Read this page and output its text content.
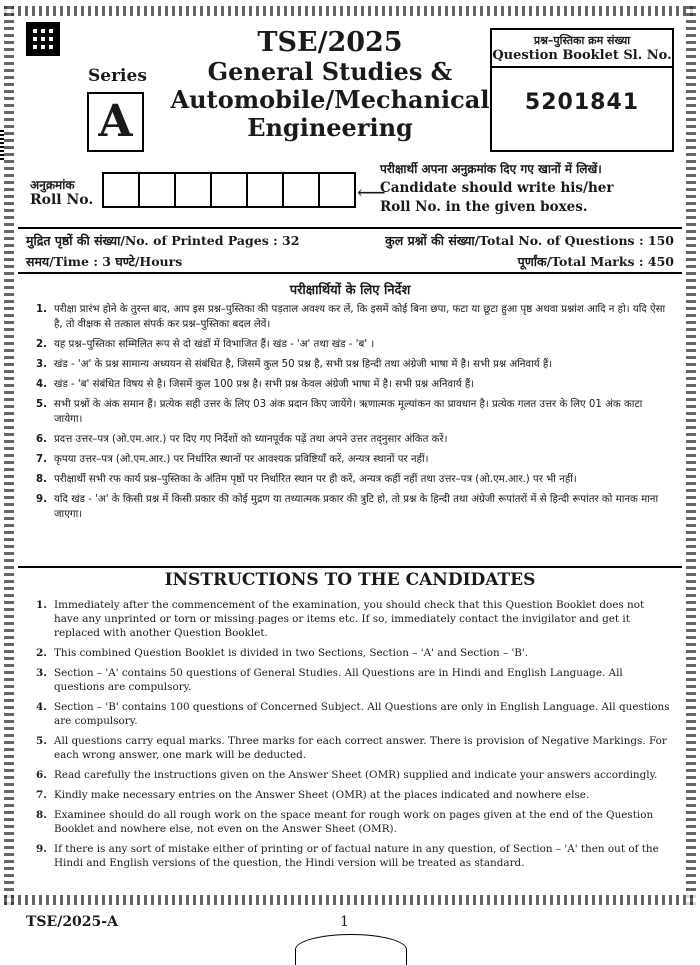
Series
A
TSE/2025
General Studies &
Automobile/Mechanical
Engineering
प्रश्न–पुस्तिका क्रम संख्या
Question Booklet Sl. No.
5201841
अनुक्रमांक
Roll No.	⟵
परीक्षार्थी अपना अनुक्रमांक दिए गए खानों में लिखें।
Candidate should write his/her
Roll No. in the given boxes.
मुद्रित पृष्ठों की संख्या/No. of Printed Pages : 32	कुल प्रश्नों की संख्या/Total No. of Questions : 150
समय/Time : 3 घण्टे/Hours	पूर्णांक/Total Marks : 450
परीक्षार्थियों के लिए निर्देश
1. परीक्षा प्रारंभ होने के तुरन्त बाद, आप इस प्रश्न–पुस्तिका की पड़ताल अवश्य कर लें, कि इसमें कोई बिना छपा, फटा या छूटा हुआ पृष्ठ अथवा प्रश्नांश आदि न हो। यदि ऐसा है, तो वीक्षक से तत्काल संपर्क कर प्रश्न–पुस्तिका बदल लेवें।
2. यह प्रश्न–पुस्तिका सम्मिलित रूप से दो खंडों में विभाजित हैं। खंड - 'अ' तथा खंड - 'ब' ।
3. खंड - 'अ' के प्रश्न सामान्य अध्ययन से संबंधित है, जिसमें कुल 50 प्रश्न है, सभी प्रश्न हिन्दी तथा अंग्रेजी भाषा में है। सभी प्रश्न अनिवार्य हैं।
4. खंड - 'ब' संबंधित विषय से है। जिसमें कुल 100 प्रश्न है। सभी प्रश्न केवल अंग्रेजी भाषा में है। सभी प्रश्न अनिवार्य हैं।
5. सभी प्रश्नों के अंक समान हैं। प्रत्येक सही उत्तर के लिए 03 अंक प्रदान किए जायेंगे। ऋणात्मक मूल्यांकन का प्रावधान है। प्रत्येक गलत उत्तर के लिए 01 अंक काटा जायेगा।
6. प्रदत्त उत्तर–पत्र (ओ.एम.आर.) पर दिए गए निर्देशों को ध्यानपूर्वक पढ़ें तथा अपने उत्तर तद्नुसार अंकित करें।
7. कृपया उत्तर–पत्र (ओ.एम.आर.) पर निर्धारित स्थानों पर आवश्यक प्रविष्टियाँ करें, अन्यत्र स्थानों पर नहीं।
8. परीक्षार्थी सभी रफ कार्य प्रश्न–पुस्तिका के अंतिम पृष्ठों पर निर्धारित स्थान पर ही करें, अन्यत्र कहीं नहीं तथा उत्तर–पत्र (ओ.एम.आर.) पर भी नहीं।
9. यदि खंड - 'अ' के किसी प्रश्न में किसी प्रकार की कोई मुद्रण या तथ्यात्मक प्रकार की त्रुटि हो, तो प्रश्न के हिन्दी तथा अंग्रेजी रूपांतरों में से हिन्दी रूपांतर को मानक माना जाएगा।
INSTRUCTIONS TO THE CANDIDATES
1. Immediately after the commencement of the examination, you should check that this Question Booklet does not have any unprinted or torn or missing pages or items etc. If so, immediately contact the invigilator and get it replaced with another Question Booklet.
2. This combined Question Booklet is divided in two Sections, Section – 'A' and Section – 'B'.
3. Section – 'A' contains 50 questions of General Studies. All Questions are in Hindi and English Language. All questions are compulsory.
4. Section – 'B' contains 100 questions of Concerned Subject. All Questions are only in English Language. All questions are compulsory.
5. All questions carry equal marks. Three marks for each correct answer. There is provision of Negative Markings. For each wrong answer, one mark will be deducted.
6. Read carefully the instructions given on the Answer Sheet (OMR) supplied and indicate your answers accordingly.
7. Kindly make necessary entries on the Answer Sheet (OMR) at the places indicated and nowhere else.
8. Examinee should do all rough work on the space meant for rough work on pages given at the end of the Question Booklet and nowhere else, not even on the Answer Sheet (OMR).
9. If there is any sort of mistake either of printing or of factual nature in any question, of Section – 'A' then out of the Hindi and English versions of the question, the Hindi version will be treated as standard.
TSE/2025-A	1
